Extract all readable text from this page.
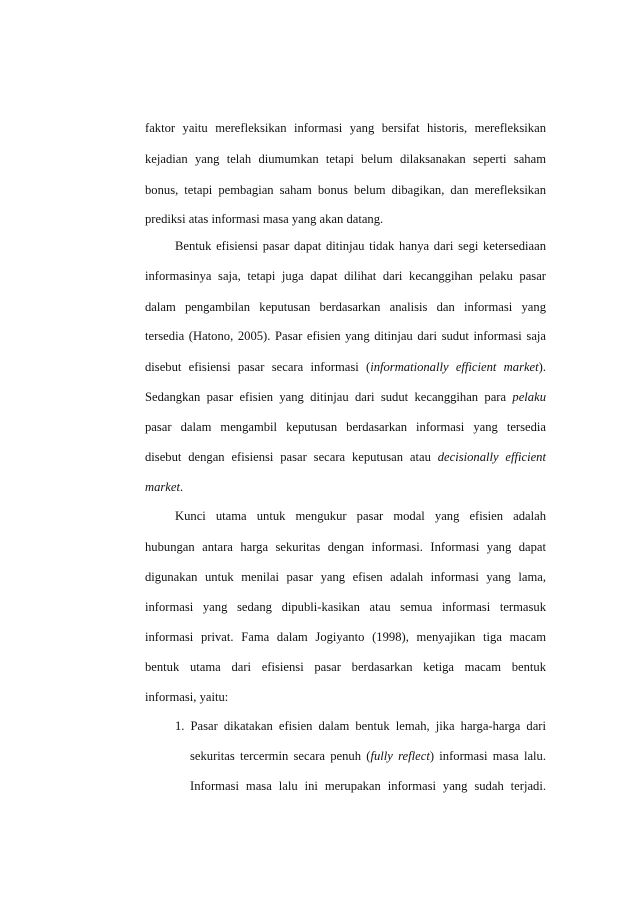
faktor yaitu merefleksikan informasi yang bersifat historis, merefleksikan
kejadian yang telah diumumkan tetapi belum dilaksanakan seperti saham
bonus, tetapi pembagian saham bonus belum dibagikan, dan merefleksikan
prediksi atas informasi masa yang akan datang.
Bentuk efisiensi pasar dapat ditinjau tidak hanya dari segi ketersediaan
informasinya saja, tetapi juga dapat dilihat dari kecanggihan pelaku pasar
dalam pengambilan keputusan berdasarkan analisis dan informasi yang
tersedia (Hatono, 2005). Pasar efisien yang ditinjau dari sudut informasi saja
disebut efisiensi pasar secara informasi (informationally efficient market).
Sedangkan pasar efisien yang ditinjau dari sudut kecanggihan para pelaku
pasar dalam mengambil keputusan berdasarkan informasi yang tersedia
disebut dengan efisiensi pasar secara keputusan atau decisionally efficient
market.
Kunci utama untuk mengukur pasar modal yang efisien adalah
hubungan antara harga sekuritas dengan informasi. Informasi yang dapat
digunakan untuk menilai pasar yang efisen adalah informasi yang lama,
informasi yang sedang dipubli-kasikan atau semua informasi termasuk
informasi privat. Fama dalam Jogiyanto (1998), menyajikan tiga macam
bentuk utama dari efisiensi pasar berdasarkan ketiga macam bentuk
informasi, yaitu:
1. Pasar dikatakan efisien dalam bentuk lemah, jika harga-harga dari
sekuritas tercermin secara penuh (fully reflect) informasi masa lalu.
Informasi masa lalu ini merupakan informasi yang sudah terjadi.
